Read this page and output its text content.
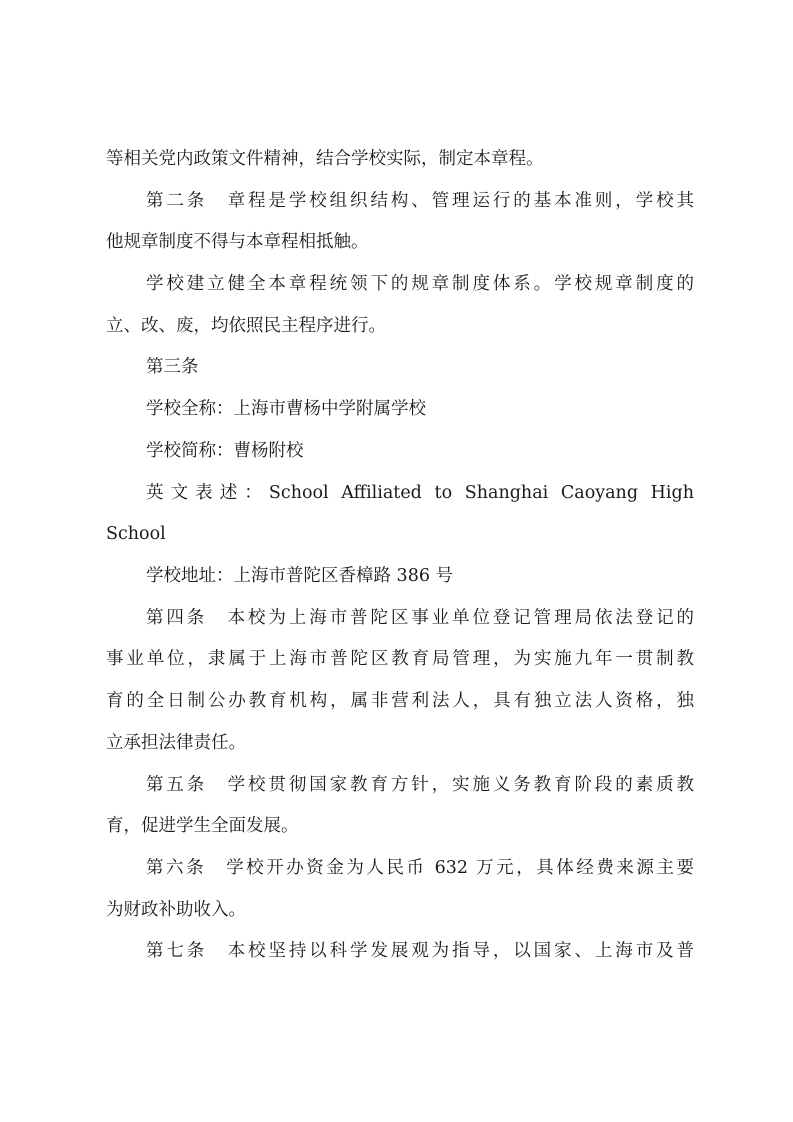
等相关党内政策文件精神，结合学校实际，制定本章程。
第二条　章程是学校组织结构、管理运行的基本准则，学校其
他规章制度不得与本章程相抵触。
学校建立健全本章程统领下的规章制度体系。学校规章制度的
立、改、废，均依照民主程序进行。
第三条
学校全称：上海市曹杨中学附属学校
学校简称：曹杨附校
英文表述：School Affiliated to Shanghai Caoyang High
School
学校地址：上海市普陀区香樟路 386 号
第四条　本校为上海市普陀区事业单位登记管理局依法登记的
事业单位，隶属于上海市普陀区教育局管理，为实施九年一贯制教
育的全日制公办教育机构，属非营利法人，具有独立法人资格，独
立承担法律责任。
第五条　学校贯彻国家教育方针，实施义务教育阶段的素质教
育，促进学生全面发展。
第六条　学校开办资金为人民币 632 万元，具体经费来源主要
为财政补助收入。
第七条　本校坚持以科学发展观为指导，以国家、上海市及普
